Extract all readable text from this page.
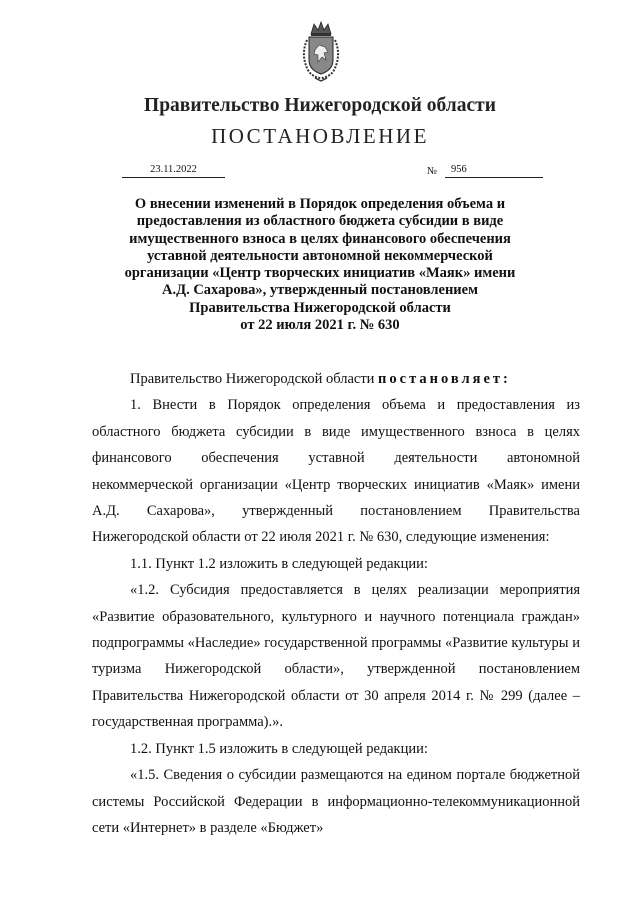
Правительство Нижегородской области
ПОСТАНОВЛЕНИЕ
23.11.2022	№	956
О внесении изменений в Порядок определения объема и
предоставления из областного бюджета субсидии в виде
имущественного взноса в целях финансового обеспечения
уставной деятельности автономной некоммерческой
организации «Центр творческих инициатив «Маяк» имени
А.Д. Сахарова», утвержденный постановлением
Правительства Нижегородской области
от 22 июля 2021 г. № 630

Правительство Нижегородской области постановляет:

1. Внести в Порядок определения объема и предоставления из областного бюджета субсидии в виде имущественного взноса в целях финансового обеспечения уставной деятельности автономной некоммерческой организации «Центр творческих инициатив «Маяк» имени А.Д. Сахарова», утвержденный постановлением Правительства Нижегородской области от 22 июля 2021 г. № 630, следующие изменения:

1.1. Пункт 1.2 изложить в следующей редакции:

«1.2. Субсидия предоставляется в целях реализации мероприятия «Развитие образовательного, культурного и научного потенциала граждан» подпрограммы «Наследие» государственной программы «Развитие культуры и туризма Нижегородской области», утвержденной постановлением Правительства Нижегородской области от 30 апреля 2014 г. № 299 (далее – государственная программа).».

1.2. Пункт 1.5 изложить в следующей редакции:

«1.5. Сведения о субсидии размещаются на едином портале бюджетной системы Российской Федерации в информационно-телекоммуникационной сети «Интернет» в разделе «Бюджет»
